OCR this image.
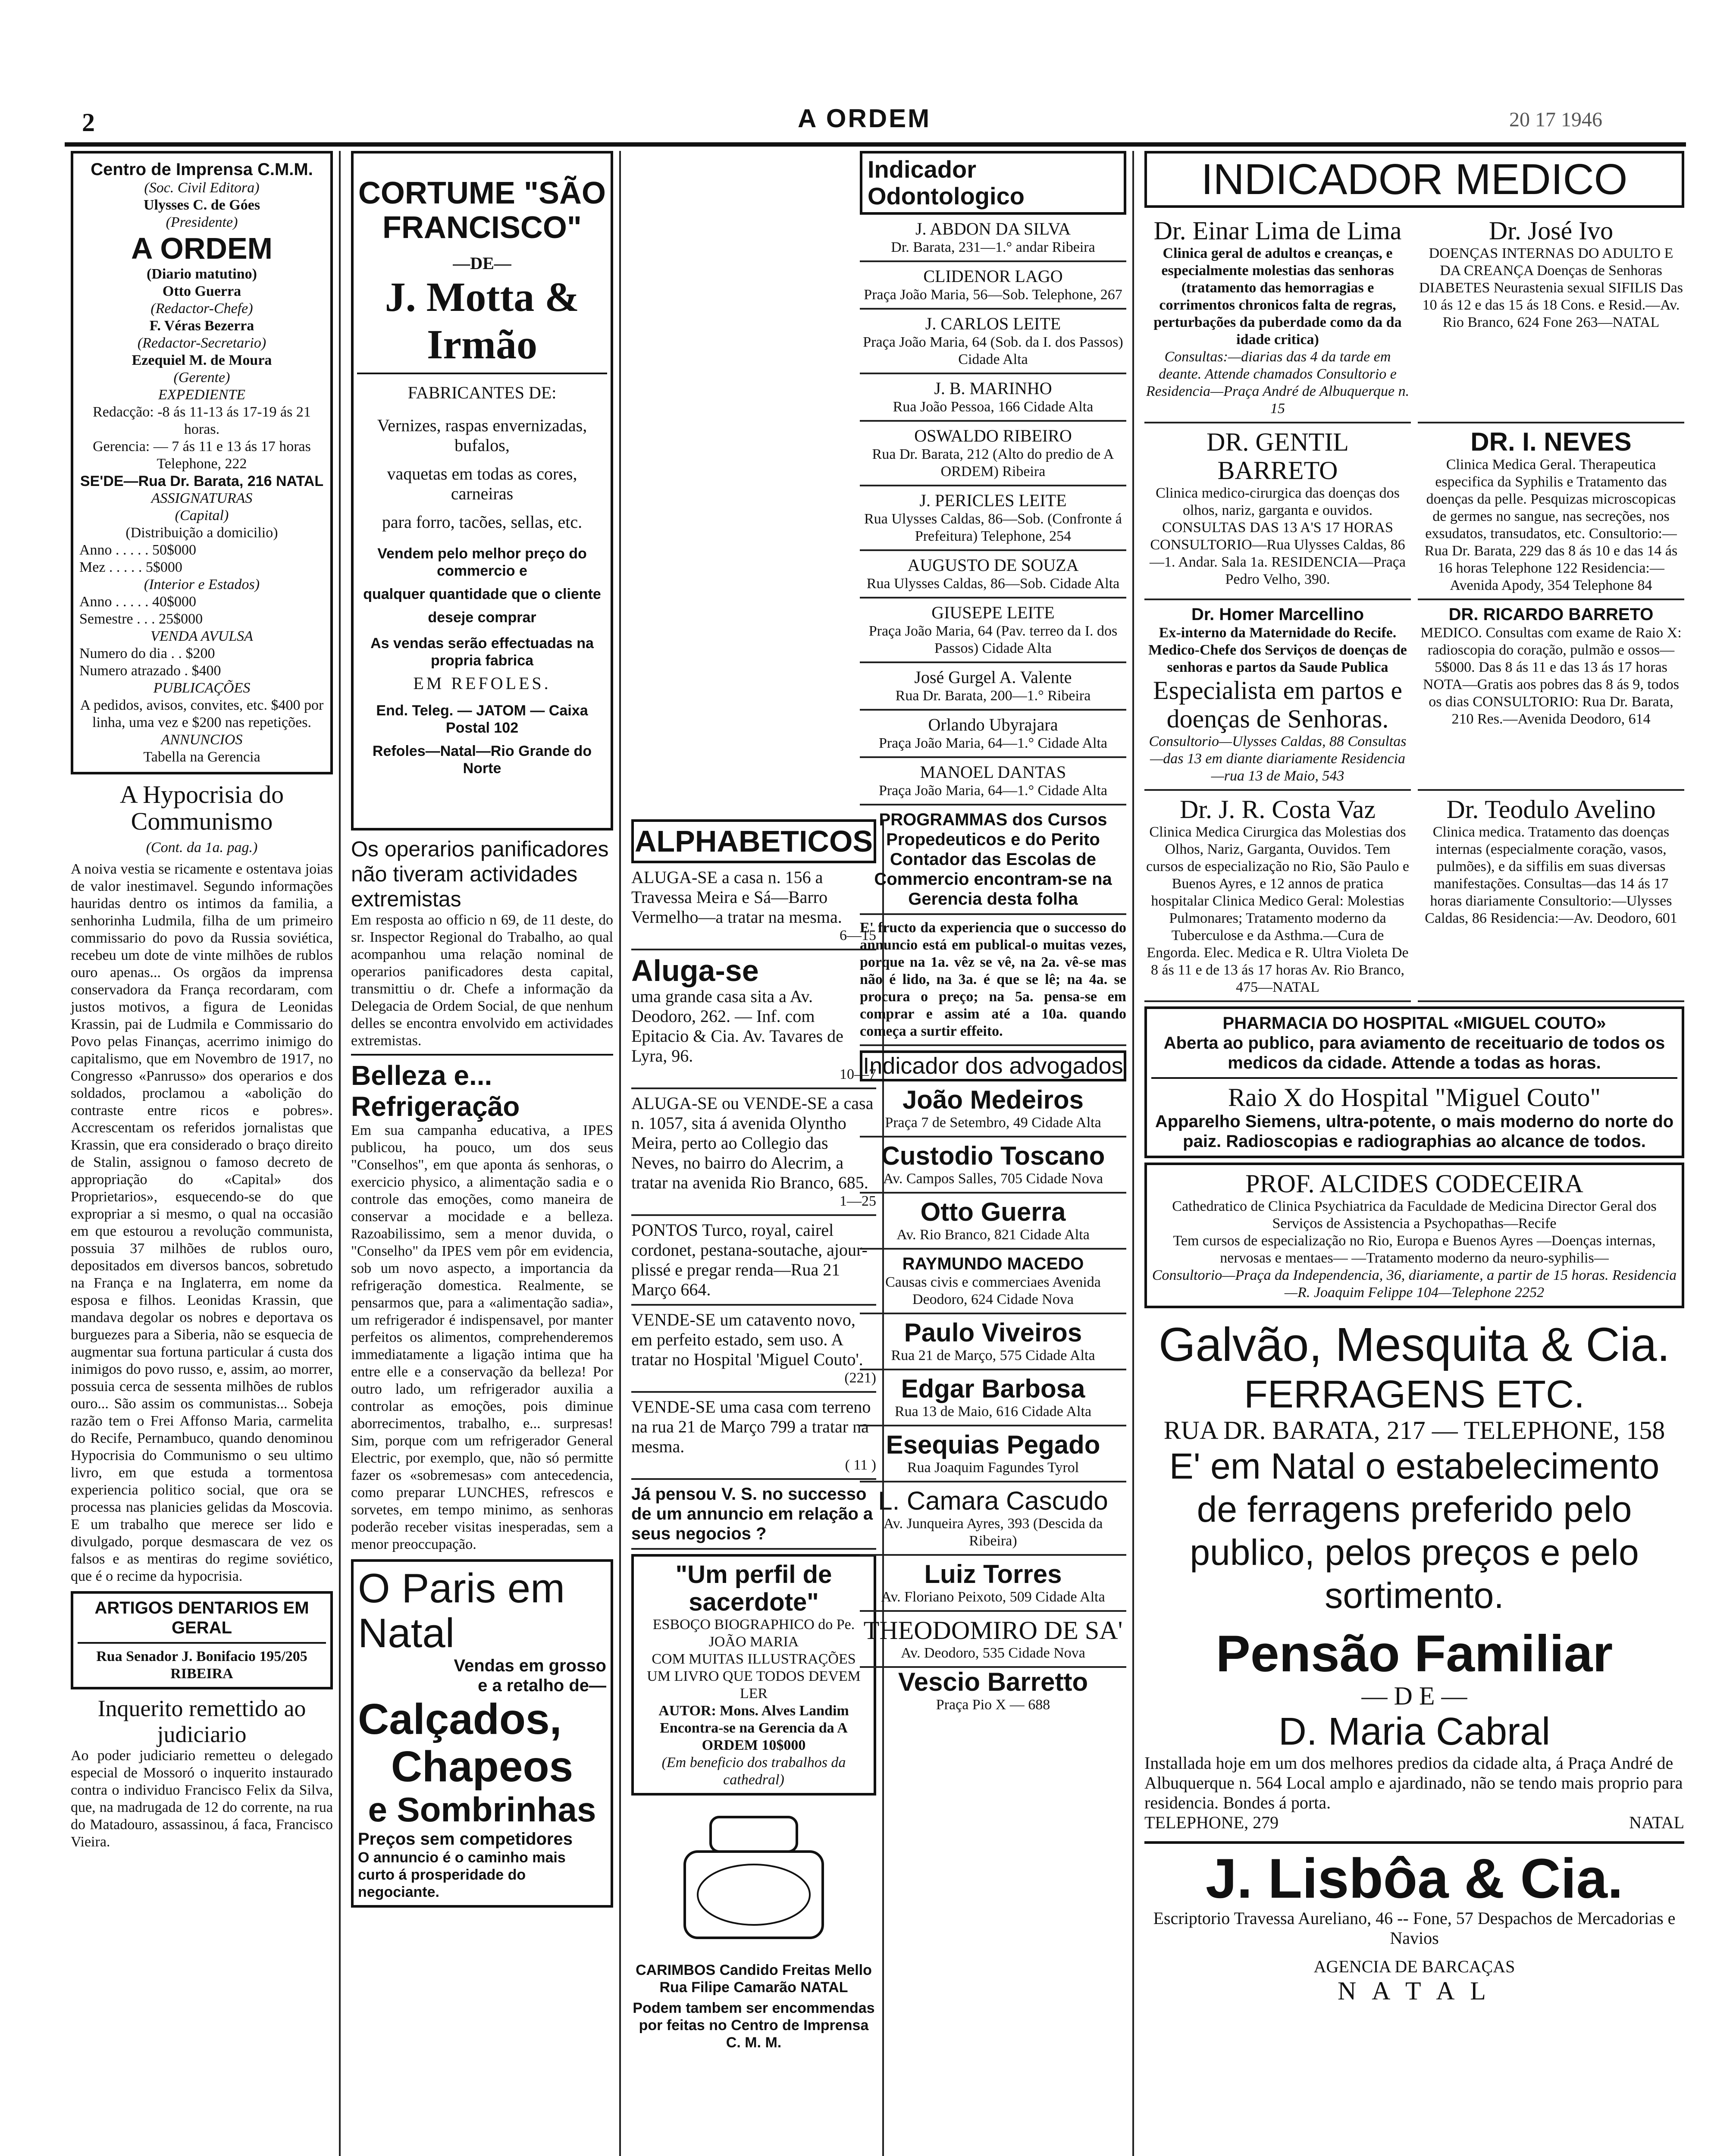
2	A ORDEM	20 17 1946
Centro de Imprensa C.M.M.
(Soc. Civil Editora)
Ulysses C. de Góes
(Presidente)
A ORDEM
(Diario matutino)
Otto Guerra
(Redactor-Chefe)
F. Véras Bezerra
(Redactor-Secretario)
Ezequiel M. de Moura
(Gerente)
EXPEDIENTE
Redacção: -8 ás 11-13 ás 17-19 ás 21 horas.
Gerencia: — 7 ás 11 e 13 ás 17 horas
Telephone, 222
SE'DE—Rua Dr. Barata, 216 NATAL
ASSIGNATURAS
(Capital)
(Distribuição a domicilio)
Anno . . . . . 50$000
Mez . . . . . 5$000
(Interior e Estados)
Anno . . . . . 40$000
Semestre . . . 25$000
VENDA AVULSA
Numero do dia . . $200
Numero atrazado . $400
PUBLICAÇÕES
A pedidos, avisos, convites, etc. $400 por linha, uma vez e $200 nas repetições.
ANNUNCIOS
Tabella na Gerencia
A Hypocrisia do Communismo
(Cont. da 1a. pag.)
A noiva vestia se ricamente e ostentava joias de valor inestimavel. Segundo informações hauridas dentro os intimos da familia, a senhorinha Ludmila, filha de um primeiro commissario do povo da Russia soviética, recebeu um dote de vinte milhões de rublos ouro apenas... Os orgãos da imprensa conservadora da França recordaram, com justos motivos, a figura de Leonidas Krassin, pai de Ludmila e Commissario do Povo pelas Finanças, acerrimo inimigo do capitalismo, que em Novembro de 1917, no Congresso «Panrusso» dos operarios e dos soldados, proclamou a «abolição do contraste entre ricos e pobres». Accrescentam os referidos jornalistas que Krassin, que era considerado o braço direito de Stalin, assignou o famoso decreto de appropriação do «Capital» dos Proprietarios», esquecendo-se do que expropriar a si mesmo, o qual na occasião em que estourou a revolução communista, possuia 37 milhões de rublos ouro, depositados em diversos bancos, sobretudo na França e na Inglaterra, em nome da esposa e filhos. Leonidas Krassin, que mandava degolar os nobres e deportava os burguezes para a Siberia, não se esquecia de augmentar sua fortuna particular á custa dos inimigos do povo russo, e, assim, ao morrer, possuia cerca de sessenta milhões de rublos ouro... São assim os communistas... Sobeja razão tem o Frei Affonso Maria, carmelita do Recife, Pernambuco, quando denominou Hypocrisia do Communismo o seu ultimo livro, em que estuda a tormentosa experiencia politico social, que ora se processa nas planicies gelidas da Moscovia. E um trabalho que merece ser lido e divulgado, porque desmascara de vez os falsos e as mentiras do regime soviético, que é o recime da hypocrisia.
ARTIGOS DENTARIOS EM GERAL
Rua Senador J. Bonifacio 195/205 RIBEIRA
Inquerito remettido ao judiciario
Ao poder judiciario remetteu o delegado especial de Mossoró o inquerito instaurado contra o individuo Francisco Felix da Silva, que, na madrugada de 12 do corrente, na rua do Matadouro, assassinou, á faca, Francisco Vieira.
CORTUME "SÃO FRANCISCO"
—DE—
J. Motta & Irmão
FABRICANTES DE:
Vernizes, raspas envernizadas, bufalos,
vaquetas em todas as cores, carneiras
para forro, tacões, sellas, etc.
Vendem pelo melhor preço do commercio e
qualquer quantidade que o cliente
deseje comprar
As vendas serão effectuadas na propria fabrica
EM REFOLES.
End. Teleg. — JATOM — Caixa Postal 102
Refoles—Natal—Rio Grande do Norte
Os operarios panificadores não tiveram actividades extremistas
Em resposta ao officio n 69, de 11 deste, do sr. Inspector Regional do Trabalho, ao qual acompanhou uma relação nominal de operarios panificadores desta capital, transmittiu o dr. Chefe a informação da Delegacia de Ordem Social, de que nenhum delles se encontra envolvido em actividades extremistas.
Belleza e... Refrigeração
Em sua campanha educativa, a IPES publicou, ha pouco, um dos seus "Conselhos", em que aponta ás senhoras, o exercicio physico, a alimentação sadia e o controle das emoções, como maneira de conservar a mocidade e a belleza. Razoabilissimo, sem a menor duvida, o "Conselho" da IPES vem pôr em evidencia, sob um novo aspecto, a importancia da refrigeração domestica. Realmente, se pensarmos que, para a «alimentação sadia», um refrigerador é indispensavel, por manter perfeitos os alimentos, comprehenderemos immediatamente a ligação intima que ha entre elle e a conservação da belleza! Por outro lado, um refrigerador auxilia a controlar as emoções, pois diminue aborrecimentos, trabalho, e... surpresas! Sim, porque com um refrigerador General Electric, por exemplo, que, não só permitte fazer os «sobremesas» com antecedencia, como preparar LUNCHES, refrescos e sorvetes, em tempo minimo, as senhoras poderão receber visitas inesperadas, sem a menor preoccupação.
O Paris em
Natal
Vendas em grosso
e a retalho de—
Calçados,
Chapeos
e Sombrinhas
Preços sem competidores
O annuncio é o caminho mais curto á prosperidade do negociante.
ALPHABETICOS
ALUGA-SE a casa n. 156 a Travessa Meira e Sá—Barro Vermelho—a tratar na mesma.
6—15
Aluga-se
uma grande casa sita a Av. Deodoro, 262. — Inf. com Epitacio & Cia. Av. Tavares de Lyra, 96.
10—7
ALUGA-SE ou VENDE-SE a casa n. 1057, sita á avenida Olyntho Meira, perto ao Collegio das Neves, no bairro do Alecrim, a tratar na avenida Rio Branco, 685.
1—25
PONTOS Turco, royal, cairel cordonet, pestana-soutache, ajour-plissé e pregar renda—Rua 21 Março 664.
VENDE-SE um catavento novo, em perfeito estado, sem uso. A tratar no Hospital 'Miguel Couto'.
(221)
VENDE-SE uma casa com terreno na rua 21 de Março 799 a tratar na mesma.
( 11 )
Já pensou V. S. no successo de um annuncio em relação a seus negocios ?
"Um perfil de sacerdote"
ESBOÇO BIOGRAPHICO do Pe. JOÃO MARIA
COM MUITAS ILLUSTRAÇÕES
UM LIVRO QUE TODOS DEVEM LER
AUTOR: Mons. Alves Landim
Encontra-se na Gerencia da A ORDEM 10$000
(Em beneficio dos trabalhos da cathedral)
CARIMBOS Candido Freitas Mello Rua Filipe Camarão NATAL
Podem tambem ser encommendas por feitas no Centro de Imprensa C. M. M.
Indicador Odontologico
J. ABDON DA SILVA
Dr. Barata, 231—1.° andar Ribeira
CLIDENOR LAGO
Praça João Maria, 56—Sob. Telephone, 267
J. CARLOS LEITE
Praça João Maria, 64 (Sob. da I. dos Passos) Cidade Alta
J. B. MARINHO
Rua João Pessoa, 166 Cidade Alta
OSWALDO RIBEIRO
Rua Dr. Barata, 212 (Alto do predio de A ORDEM) Ribeira
J. PERICLES LEITE
Rua Ulysses Caldas, 86—Sob. (Confronte á Prefeitura) Telephone, 254
AUGUSTO DE SOUZA
Rua Ulysses Caldas, 86—Sob. Cidade Alta
GIUSEPE LEITE
Praça João Maria, 64 (Pav. terreo da I. dos Passos) Cidade Alta
José Gurgel A. Valente
Rua Dr. Barata, 200—1.° Ribeira
Orlando Ubyrajara
Praça João Maria, 64—1.° Cidade Alta
MANOEL DANTAS
Praça João Maria, 64—1.° Cidade Alta
PROGRAMMAS dos Cursos Propedeuticos e do Perito Contador das Escolas de Commercio encontram-se na Gerencia desta folha
E' fructo da experiencia que o successo do annuncio está em publical-o muitas vezes, porque na 1a. vêz se vê, na 2a. vê-se mas não é lido, na 3a. é que se lê; na 4a. se procura o preço; na 5a. pensa-se em comprar e assim até a 10a. quando começa a surtir effeito.
Indicador dos advogados
João Medeiros
Praça 7 de Setembro, 49 Cidade Alta
Custodio Toscano
Av. Campos Salles, 705 Cidade Nova
Otto Guerra
Av. Rio Branco, 821 Cidade Alta
RAYMUNDO MACEDO
Causas civis e commerciaes Avenida Deodoro, 624 Cidade Nova
Paulo Viveiros
Rua 21 de Março, 575 Cidade Alta
Edgar Barbosa
Rua 13 de Maio, 616 Cidade Alta
Esequias Pegado
Rua Joaquim Fagundes Tyrol
L. Camara Cascudo
Av. Junqueira Ayres, 393 (Descida da Ribeira)
Luiz Torres
Av. Floriano Peixoto, 509 Cidade Alta
THEODOMIRO DE SA'
Av. Deodoro, 535 Cidade Nova
Vescio Barretto
Praça Pio X — 688
INDICADOR MEDICO
Dr. Einar Lima de Lima
Clinica geral de adultos e creanças, e especialmente molestias das senhoras (tratamento das hemorragias e corrimentos chronicos falta de regras, perturbações da puberdade como da da idade critica)
Consultas:—diarias das 4 da tarde em deante. Attende chamados Consultorio e Residencia—Praça André de Albuquerque n. 15
Dr. José Ivo
DOENÇAS INTERNAS DO ADULTO E DA CREANÇA Doenças de Senhoras DIABETES Neurastenia sexual SIFILIS Das 10 ás 12 e das 15 ás 18 Cons. e Resid.—Av. Rio Branco, 624 Fone 263—NATAL
DR. GENTIL BARRETO
Clinica medico-cirurgica das doenças dos olhos, nariz, garganta e ouvidos. CONSULTAS DAS 13 A'S 17 HORAS CONSULTORIO—Rua Ulysses Caldas, 86—1. Andar. Sala 1a. RESIDENCIA—Praça Pedro Velho, 390.
DR. I. NEVES
Clinica Medica Geral. Therapeutica especifica da Syphilis e Tratamento das doenças da pelle. Pesquizas microscopicas de germes no sangue, nas secreções, nos exsudatos, transudatos, etc. Consultorio:—Rua Dr. Barata, 229 das 8 ás 10 e das 14 ás 16 horas Telephone 122 Residencia:—Avenida Apody, 354 Telephone 84
Dr. Homer Marcellino
Ex-interno da Maternidade do Recife. Medico-Chefe dos Serviços de doenças de senhoras e partos da Saude Publica
Especialista em partos e doenças de Senhoras.
Consultorio—Ulysses Caldas, 88 Consultas—das 13 em diante diariamente Residencia—rua 13 de Maio, 543
DR. RICARDO BARRETO
MEDICO. Consultas com exame de Raio X: radioscopia do coração, pulmão e ossos— 5$000. Das 8 ás 11 e das 13 ás 17 horas NOTA—Gratis aos pobres das 8 ás 9, todos os dias CONSULTORIO: Rua Dr. Barata, 210 Res.—Avenida Deodoro, 614
Dr. J. R. Costa Vaz
Clinica Medica Cirurgica das Molestias dos Olhos, Nariz, Garganta, Ouvidos. Tem cursos de especialização no Rio, São Paulo e Buenos Ayres, e 12 annos de pratica hospitalar Clinica Medico Geral: Molestias Pulmonares; Tratamento moderno da Tuberculose e da Asthma.—Cura de Engorda. Elec. Medica e R. Ultra Violeta De 8 ás 11 e de 13 ás 17 horas Av. Rio Branco, 475—NATAL
Dr. Teodulo Avelino
Clinica medica. Tratamento das doenças internas (especialmente coração, vasos, pulmões), e da siffilis em suas diversas manifestações. Consultas—das 14 ás 17 horas diariamente Consultorio:—Ulysses Caldas, 86 Residencia:—Av. Deodoro, 601
PHARMACIA DO HOSPITAL «MIGUEL COUTO»
Aberta ao publico, para aviamento de receituario de todos os medicos da cidade. Attende a todas as horas.
Raio X do Hospital "Miguel Couto"
Apparelho Siemens, ultra-potente, o mais moderno do norte do paiz. Radioscopias e radiographias ao alcance de todos.
PROF. ALCIDES CODECEIRA
Cathedratico de Clinica Psychiatrica da Faculdade de Medicina Director Geral dos Serviços de Assistencia a Psychopathas—Recife
Tem cursos de especialização no Rio, Europa e Buenos Ayres —Doenças internas, nervosas e mentaes— —Tratamento moderno da neuro-syphilis—
Consultorio—Praça da Independencia, 36, diariamente, a partir de 15 horas. Residencia—R. Joaquim Felippe 104—Telephone 2252
Galvão, Mesquita & Cia.
FERRAGENS ETC.
RUA DR. BARATA, 217 — TELEPHONE, 158
E' em Natal o estabelecimento de ferragens preferido pelo publico, pelos preços e pelo sortimento.
Pensão Familiar
— D E —
D. Maria Cabral
Installada hoje em um dos melhores predios da cidade alta, á Praça André de Albuquerque n. 564 Local amplo e ajardinado, não se tendo mais proprio para residencia. Bondes á porta.
TELEPHONE, 279	NATAL
J. Lisbôa & Cia.
Escriptorio Travessa Aureliano, 46 -- Fone, 57 Despachos de Mercadorias e Navios
AGENCIA DE BARCAÇAS
N A T A L
